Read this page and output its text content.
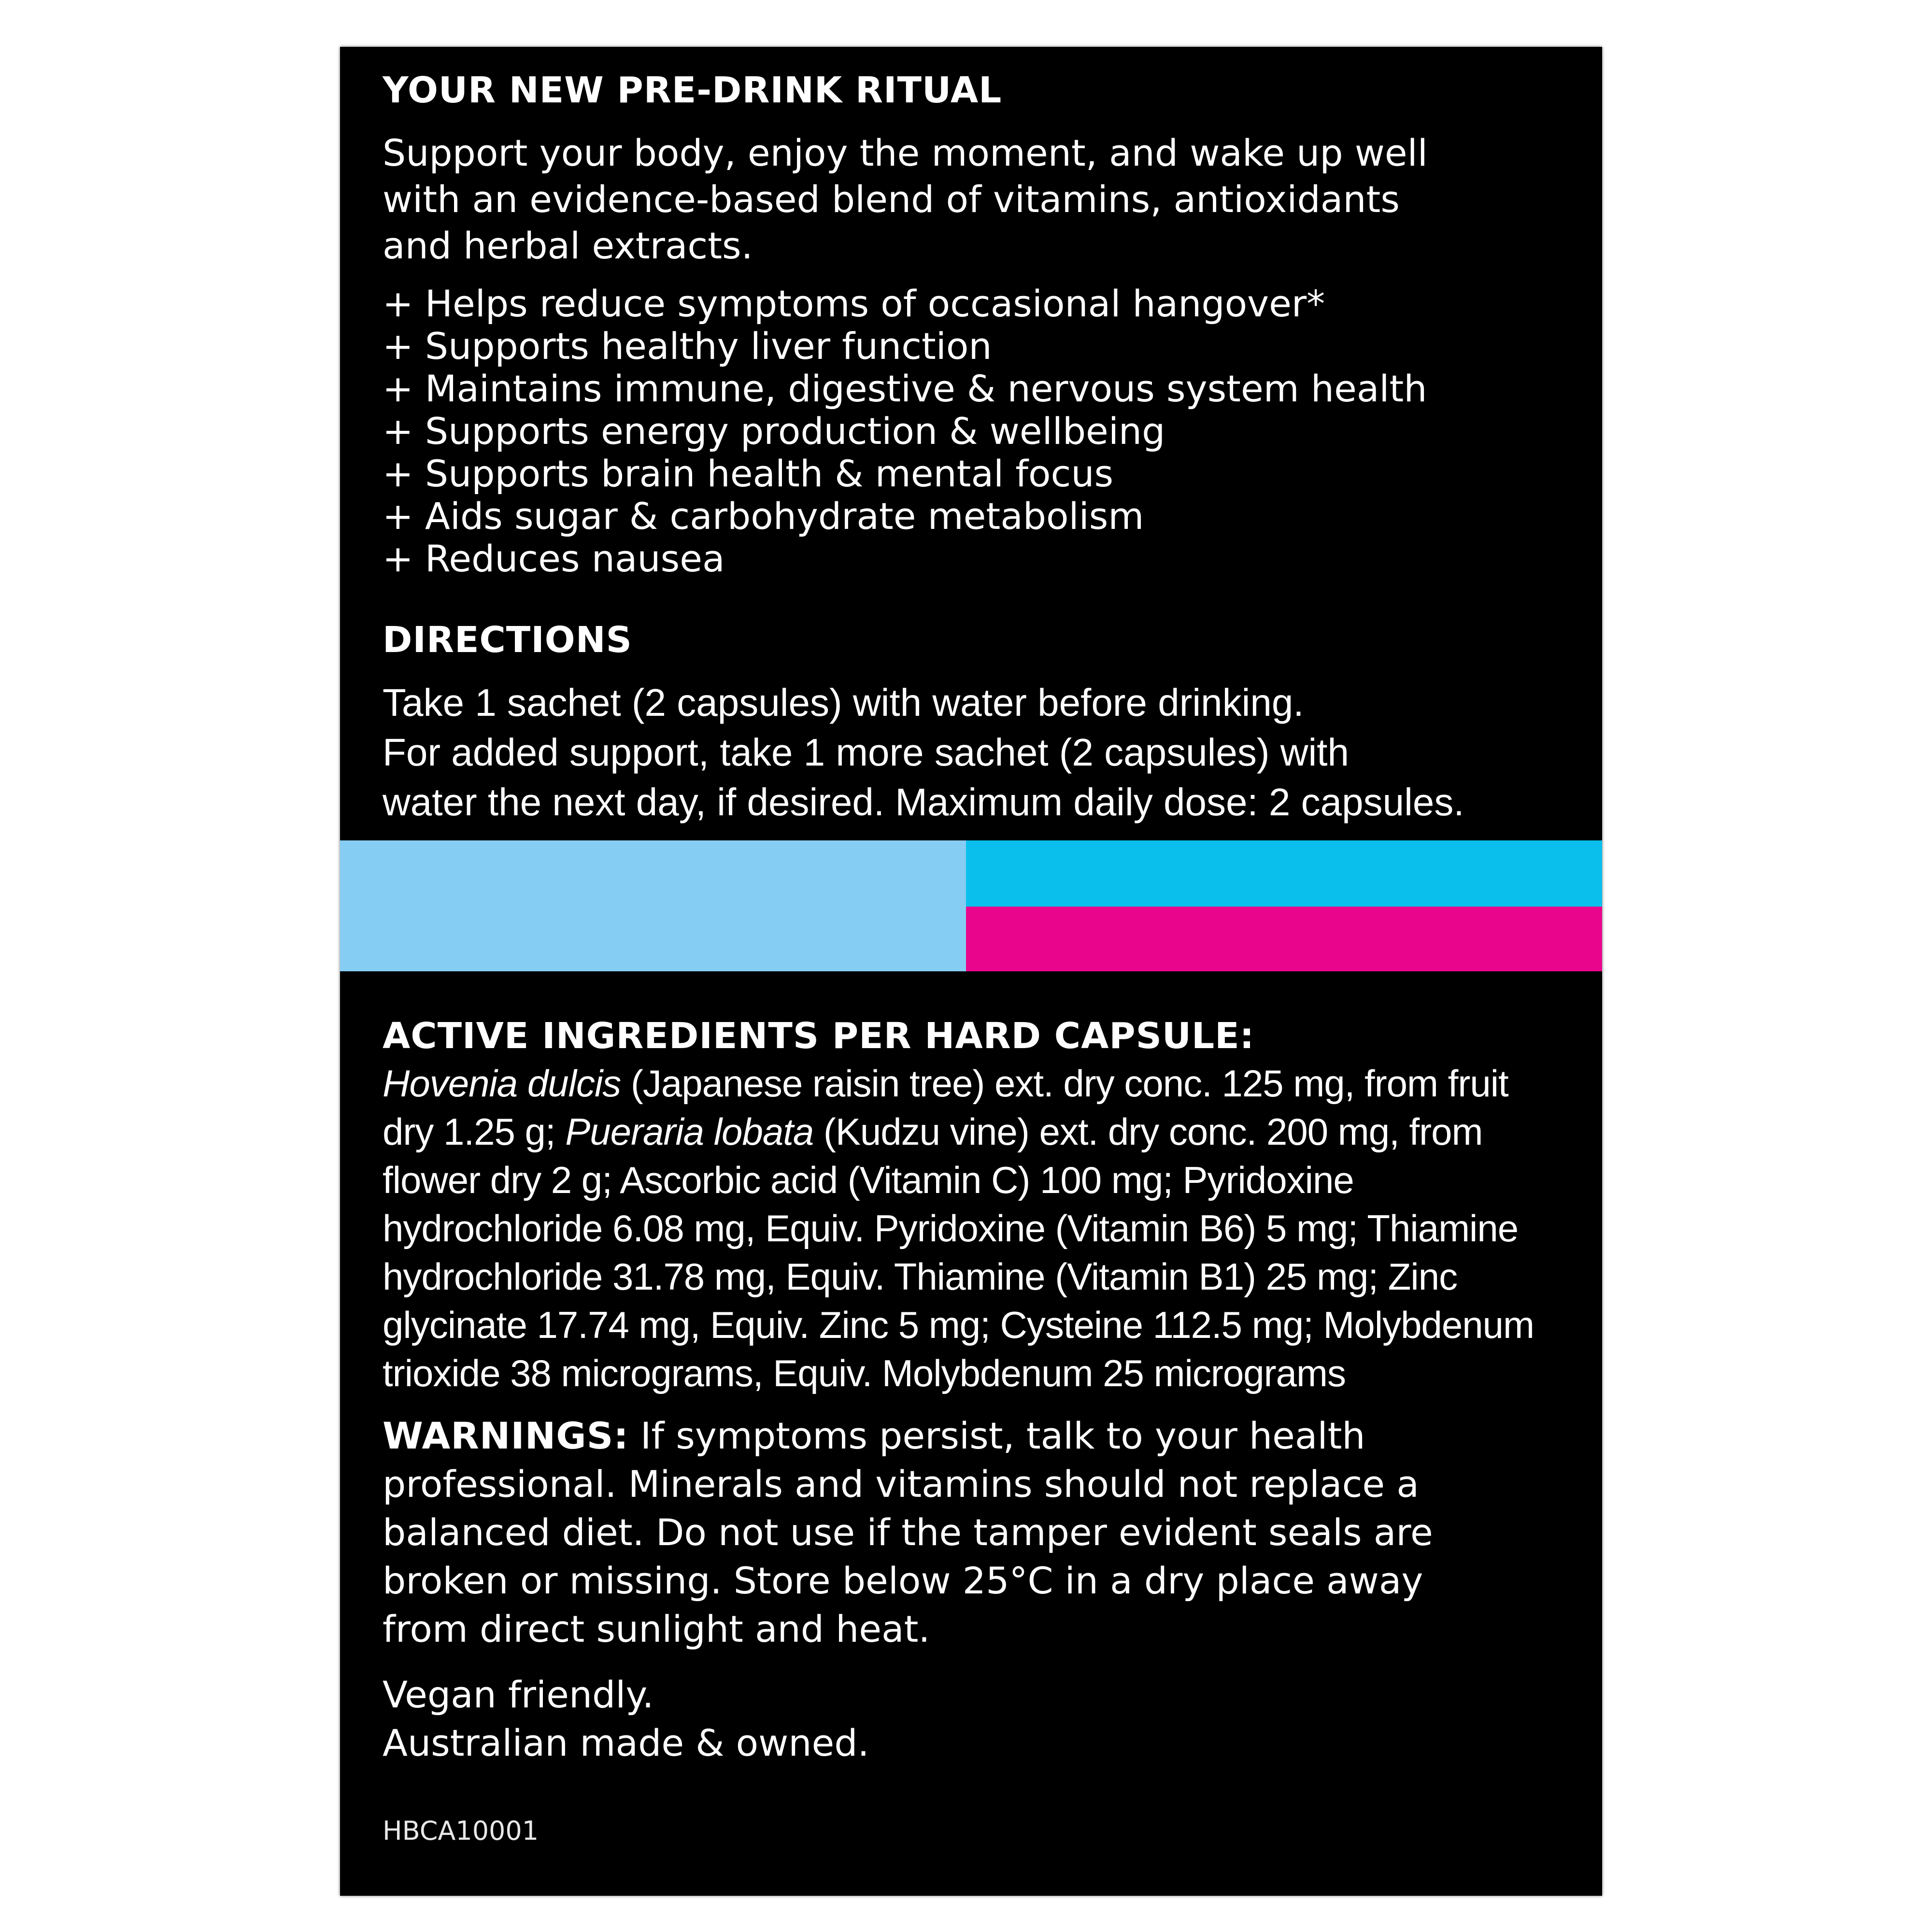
YOUR NEW PRE-DRINK RITUAL

Support your body, enjoy the moment, and wake up well
with an evidence-based blend of vitamins, antioxidants
and herbal extracts.

+ Helps reduce symptoms of occasional hangover*
+ Supports healthy liver function
+ Maintains immune, digestive & nervous system health
+ Supports energy production & wellbeing
+ Supports brain health & mental focus
+ Aids sugar & carbohydrate metabolism
+ Reduces nausea
DIRECTIONS

Take 1 sachet (2 capsules) with water before drinking.
For added support, take 1 more sachet (2 capsules) with
water the next day, if desired. Maximum daily dose: 2 capsules.

ACTIVE INGREDIENTS PER HARD CAPSULE:

Hovenia dulcis (Japanese raisin tree) ext. dry conc. 125 mg, from fruit
dry 1.25 g; Pueraria lobata (Kudzu vine) ext. dry conc. 200 mg, from
flower dry 2 g; Ascorbic acid (Vitamin C) 100 mg; Pyridoxine
hydrochloride 6.08 mg, Equiv. Pyridoxine (Vitamin B6) 5 mg; Thiamine
hydrochloride 31.78 mg, Equiv. Thiamine (Vitamin B1) 25 mg; Zinc
glycinate 17.74 mg, Equiv. Zinc 5 mg; Cysteine 112.5 mg; Molybdenum
trioxide 38 micrograms, Equiv. Molybdenum 25 micrograms

WARNINGS: If symptoms persist, talk to your health
professional. Minerals and vitamins should not replace a
balanced diet. Do not use if the tamper evident seals are
broken or missing. Store below 25°C in a dry place away
from direct sunlight and heat.

Vegan friendly.
Australian made & owned.

HBCA10001
